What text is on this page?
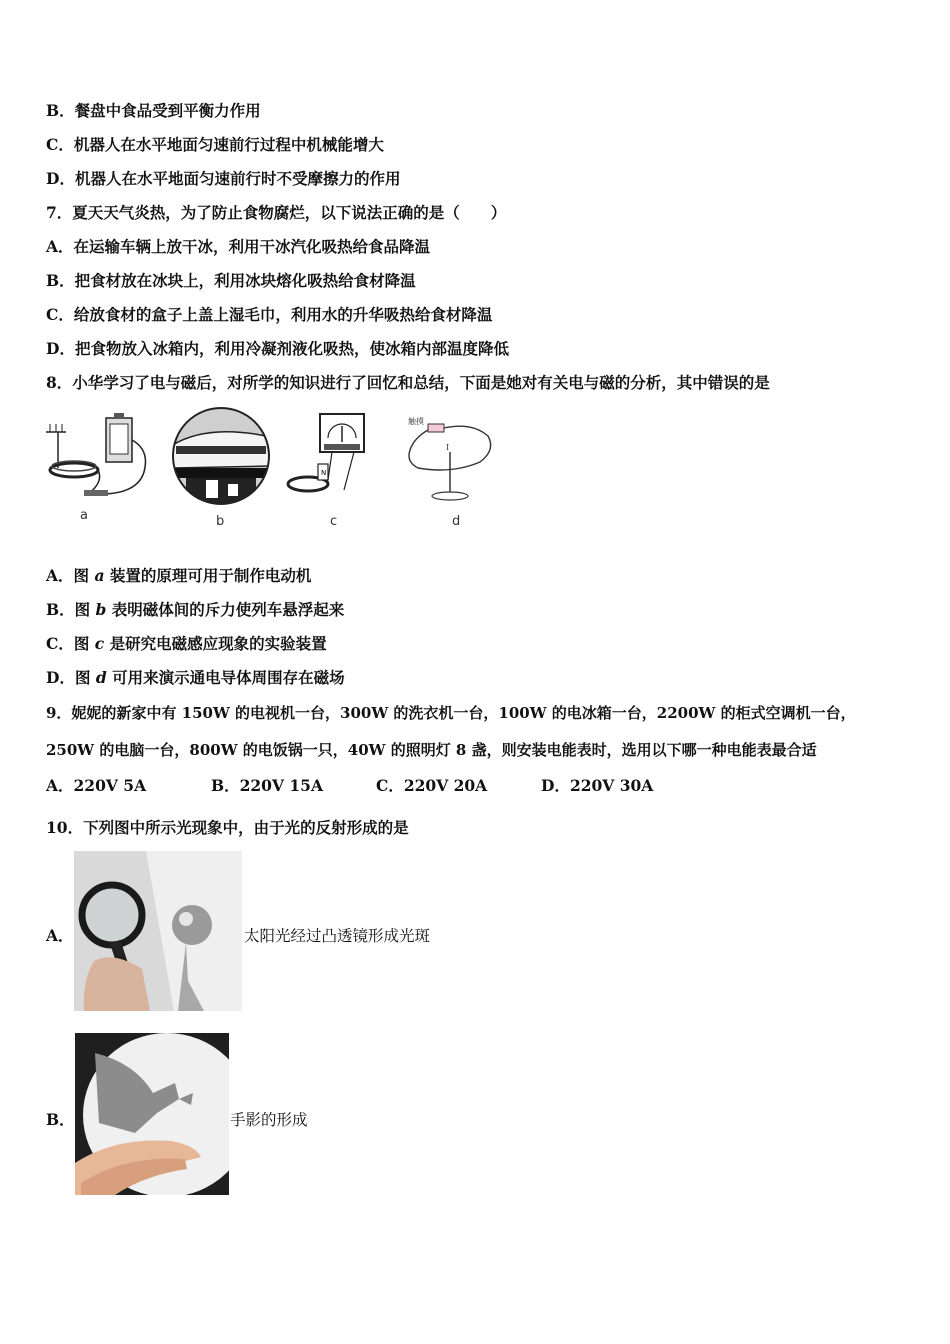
B．餐盘中食品受到平衡力作用
C．机器人在水平地面匀速前行过程中机械能增大
D．机器人在水平地面匀速前行时不受摩擦力的作用
7．夏天天气炎热，为了防止食物腐烂，以下说法正确的是（　　）
A．在运输车辆上放干冰，利用干冰汽化吸热给食品降温
B．把食材放在冰块上，利用冰块熔化吸热给食材降温
C．给放食材的盒子上盖上湿毛巾，利用水的升华吸热给食材降温
D．把食物放入冰箱内，利用冷凝剂液化吸热，使冰箱内部温度降低
8．小华学习了电与磁后，对所学的知识进行了回忆和总结，下面是她对有关电与磁的分析，其中错误的是
a	b
N
c
触摸
I
d
A．图 a 装置的原理可用于制作电动机
B．图 b 表明磁体间的斥力使列车悬浮起来
C．图 c 是研究电磁感应现象的实验装置
D．图 d 可用来演示通电导体周围存在磁场
9．妮妮的新家中有 150W 的电视机一台，300W 的洗衣机一台，100W 的电冰箱一台，2200W 的柜式空调机一台，
250W 的电脑一台，800W 的电饭锅一只，40W 的照明灯 8 盏，则安装电能表时，选用以下哪一种电能表最合适
A．220V 5A	B．220V 15A	C．220V 20A	D．220V 30A
10．下列图中所示光现象中，由于光的反射形成的是
A．	太阳光经过凸透镜形成光斑
B．	手影的形成
